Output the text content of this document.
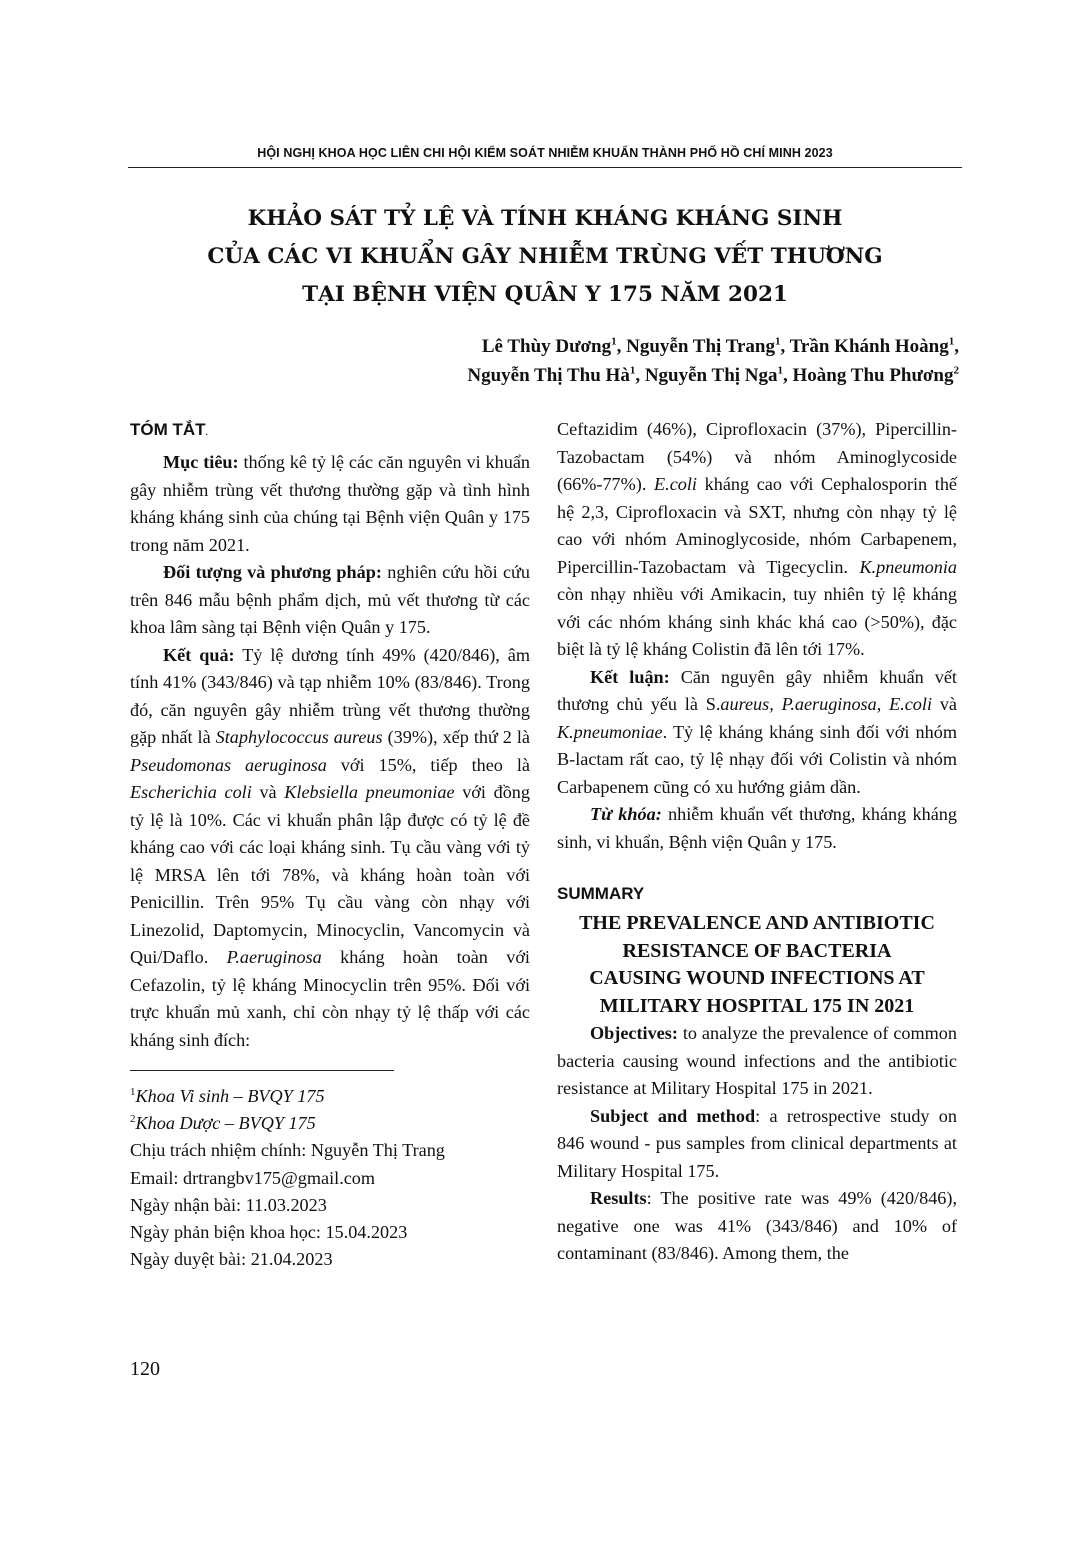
HỘI NGHỊ KHOA HỌC LIÊN CHI HỘI KIỂM SOÁT NHIỄM KHUẨN THÀNH PHỐ HỒ CHÍ MINH 2023
KHẢO SÁT TỶ LỆ VÀ TÍNH KHÁNG KHÁNG SINH
CỦA CÁC VI KHUẨN GÂY NHIỄM TRÙNG VẾT THƯƠNG
TẠI BỆNH VIỆN QUÂN Y 175 NĂM 2021
Lê Thùy Dương$^1$, Nguyễn Thị Trang$^1$, Trần Khánh Hoàng$^1$,
Nguyễn Thị Thu $Hà^1$, Nguyễn Thị Nga$^1$, Hoàng Thu Phương$^2$
TÓM TẮT.

Mục tiêu: thống kê tỷ lệ các căn nguyên vi khuẩn gây nhiễm trùng vết thương thường gặp và tình hình kháng kháng sinh của chúng tại Bệnh viện Quân y 175 trong năm 2021.

Đối tượng và phương pháp: nghiên cứu hồi cứu trên 846 mẫu bệnh phẩm dịch, mủ vết thương từ các khoa lâm sàng tại Bệnh viện Quân y 175.

Kết quả: Tỷ lệ dương tính 49% (420/846), âm tính 41% (343/846) và tạp nhiễm 10% (83/846). Trong đó, căn nguyên gây nhiễm trùng vết thương thường gặp nhất là Staphylococcus aureus (39%), xếp thứ 2 là Pseudomonas aeruginosa với 15%, tiếp theo là Escherichia coli và Klebsiella pneumoniae với đồng tỷ lệ là 10%. Các vi khuẩn phân lập được có tỷ lệ đề kháng cao với các loại kháng sinh. Tụ cầu vàng với tỷ lệ MRSA lên tới 78%, và kháng hoàn toàn với Penicillin. Trên 95% Tụ cầu vàng còn nhạy với Linezolid, Daptomycin, Minocyclin, Vancomycin và Qui/Daflo. P.aeruginosa kháng hoàn toàn với Cefazolin, tỷ lệ kháng Minocyclin trên 95%. Đối với trực khuẩn mủ xanh, chỉ còn nhạy tỷ lệ thấp với các kháng sinh đích:

$^1$Khoa Vi sinh – BVQY 175

$^2$Khoa Dược – BVQY 175

Chịu trách nhiệm chính: Nguyễn Thị Trang

Email: drtrangbv175@gmail.com

Ngày nhận bài: 11.03.2023

Ngày phản biện khoa học: 15.04.2023

Ngày duyệt bài: 21.04.2023

Ceftazidim (46%), Ciprofloxacin (37%), Pipercillin-Tazobactam (54%) và nhóm Aminoglycoside (66%-77%). E.coli kháng cao với Cephalosporin thế hệ 2,3, Ciprofloxacin và SXT, nhưng còn nhạy tỷ lệ cao với nhóm Aminoglycoside, nhóm Carbapenem, Pipercillin-Tazobactam và Tigecyclin. K.pneumonia còn nhạy nhiều với Amikacin, tuy nhiên tỷ lệ kháng với các nhóm kháng sinh khác khá cao (>50%), đặc biệt là tỷ lệ kháng Colistin đã lên tới 17%.

Kết luận: Căn nguyên gây nhiễm khuẩn vết thương chủ yếu là S.aureus, P.aeruginosa, E.coli và K.pneumoniae. Tỷ lệ kháng kháng sinh đối với nhóm B-lactam rất cao, tỷ lệ nhạy đối với Colistin và nhóm Carbapenem cũng có xu hướng giảm dần.

Từ khóa: nhiễm khuẩn vết thương, kháng kháng sinh, vi khuẩn, Bệnh viện Quân y 175.

SUMMARY
THE PREVALENCE AND ANTIBIOTIC
RESISTANCE OF BACTERIA
CAUSING WOUND INFECTIONS AT
MILITARY HOSPITAL 175 IN 2021

Objectives: to analyze the prevalence of common bacteria causing wound infections and the antibiotic resistance at Military Hospital 175 in 2021.

Subject and method: a retrospective study on 846 wound - pus samples from clinical departments at Military Hospital 175.

Results: The positive rate was 49% (420/846), negative one was 41% (343/846) and 10% of contaminant (83/846). Among them, the

120
